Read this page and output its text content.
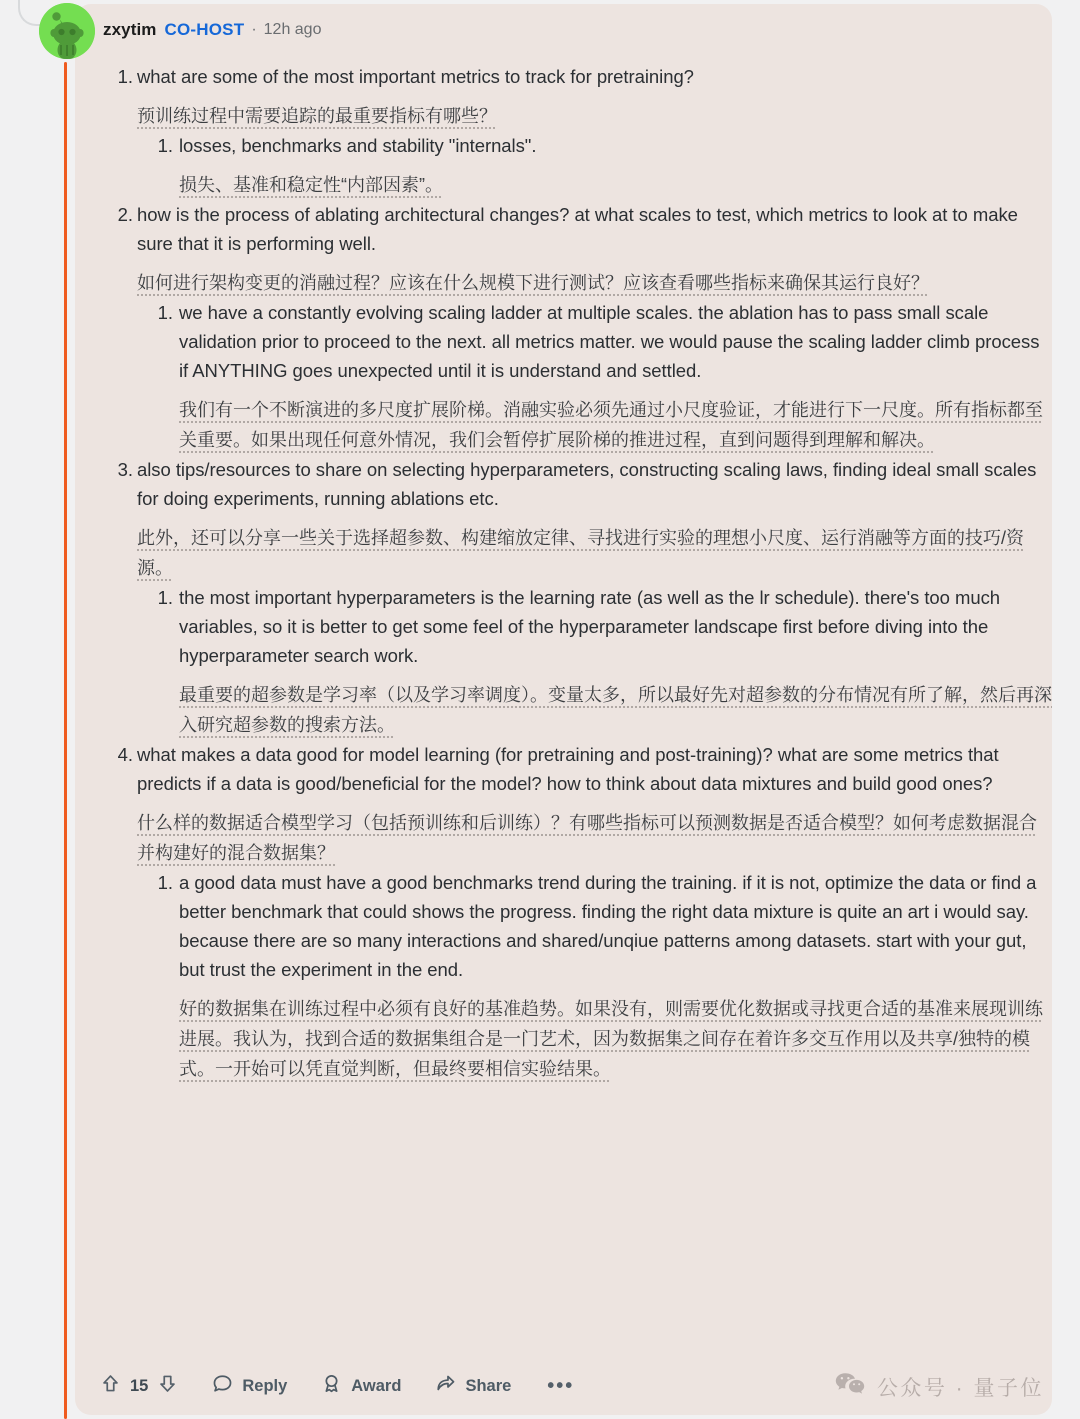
zxytim CO-HOST · 12h ago

what are some of the most important metrics to track for pretraining?

预训练过程中需要追踪的最重要指标有哪些？

losses, benchmarks and stability "internals".

损失、基准和稳定性“内部因素”。

how is the process of ablating architectural changes? at what scales to test, which metrics to look at to make sure that it is performing well.

如何进行架构变更的消融过程？应该在什么规模下进行测试？应该查看哪些指标来确保其运行良好？

we have a constantly evolving scaling ladder at multiple scales. the ablation has to pass small scale validation prior to proceed to the next. all metrics matter. we would pause the scaling ladder climb process if ANYTHING goes unexpected until it is understand and settled.

我们有一个不断演进的多尺度扩展阶梯。消融实验必须先通过小尺度验证，才能进行下一尺度。所有指标都至关重要。如果出现任何意外情况，我们会暂停扩展阶梯的推进过程，直到问题得到理解和解决。

also tips/resources to share on selecting hyperparameters, constructing scaling laws, finding ideal small scales for doing experiments, running ablations etc.

此外，还可以分享一些关于选择超参数、构建缩放定律、寻找进行实验的理想小尺度、运行消融等方面的技巧/资源。

the most important hyperparameters is the learning rate (as well as the lr schedule). there's too much variables, so it is better to get some feel of the hyperparameter landscape first before diving into the hyperparameter search work.

最重要的超参数是学习率（以及学习率调度）。变量太多，所以最好先对超参数的分布情况有所了解，然后再深入研究超参数的搜索方法。

what makes a data good for model learning (for pretraining and post-training)? what are some metrics that predicts if a data is good/beneficial for the model? how to think about data mixtures and build good ones?

什么样的数据适合模型学习（包括预训练和后训练）？有哪些指标可以预测数据是否适合模型？如何考虑数据混合并构建好的混合数据集？

a good data must have a good benchmarks trend during the training. if it is not, optimize the data or find a better benchmark that could shows the progress. finding the right data mixture is quite an art i would say. because there are so many interactions and shared/unqiue patterns among datasets. start with your gut, but trust the experiment in the end.

好的数据集在训练过程中必须有良好的基准趋势。如果没有，则需要优化数据或寻找更合适的基准来展现训练进展。我认为，找到合适的数据集组合是一门艺术，因为数据集之间存在着许多交互作用以及共享/独特的模式。一开始可以凭直觉判断，但最终要相信实验结果。

15	Reply	Award	Share •••	公众号 · 量子位
